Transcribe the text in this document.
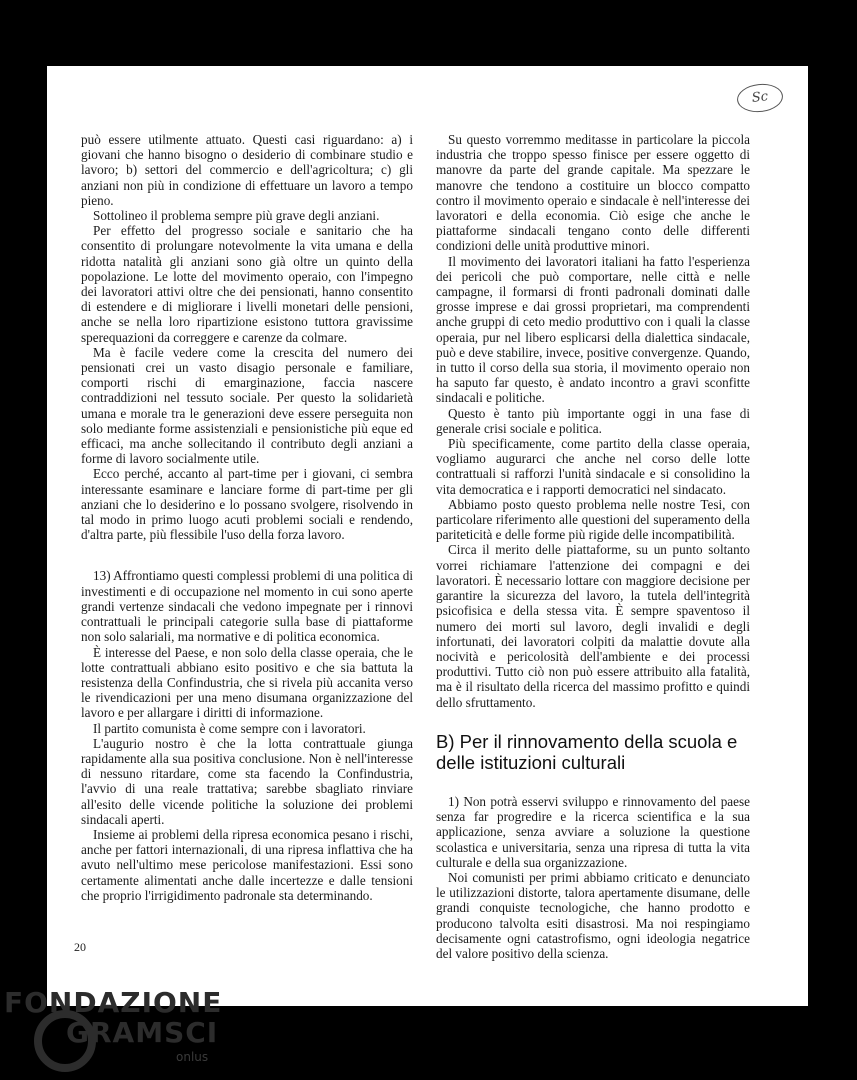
Sc

può essere utilmente attuato. Questi casi riguardano: a) i giovani che hanno bisogno o desiderio di combinare studio e lavoro; b) settori del commercio e dell'agricoltura; c) gli anziani non più in condizione di effettuare un lavoro a tempo pieno.

Sottolineo il problema sempre più grave degli anziani.

Per effetto del progresso sociale e sanitario che ha consentito di prolungare notevolmente la vita umana e della ridotta natalità gli anziani sono già oltre un quinto della popolazione. Le lotte del movimento operaio, con l'impegno dei lavoratori attivi oltre che dei pensionati, hanno consentito di estendere e di migliorare i livelli monetari delle pensioni, anche se nella loro ripartizione esistono tuttora gravissime sperequazioni da correggere e carenze da colmare.

Ma è facile vedere come la crescita del numero dei pensionati crei un vasto disagio personale e familiare, comporti rischi di emarginazione, faccia nascere contraddizioni nel tessuto sociale. Per questo la solidarietà umana e morale tra le generazioni deve essere perseguita non solo mediante forme assistenziali e pensionistiche più eque ed efficaci, ma anche sollecitando il contributo degli anziani a forme di lavoro socialmente utile.

Ecco perché, accanto al part-time per i giovani, ci sembra interessante esaminare e lanciare forme di part-time per gli anziani che lo desiderino e lo possano svolgere, risolvendo in tal modo in primo luogo acuti problemi sociali e rendendo, d'altra parte, più flessibile l'uso della forza lavoro.

13) Affrontiamo questi complessi problemi di una politica di investimenti e di occupazione nel momento in cui sono aperte grandi vertenze sindacali che vedono impegnate per i rinnovi contrattuali le principali categorie sulla base di piattaforme non solo salariali, ma normative e di politica economica.

È interesse del Paese, e non solo della classe operaia, che le lotte contrattuali abbiano esito positivo e che sia battuta la resistenza della Confindustria, che si rivela più accanita verso le rivendicazioni per una meno disumana organizzazione del lavoro e per allargare i diritti di informazione.

Il partito comunista è come sempre con i lavoratori.

L'augurio nostro è che la lotta contrattuale giunga rapidamente alla sua positiva conclusione. Non è nell'interesse di nessuno ritardare, come sta facendo la Confindustria, l'avvio di una reale trattativa; sarebbe sbagliato rinviare all'esito delle vicende politiche la soluzione dei problemi sindacali aperti.

Insieme ai problemi della ripresa economica pesano i rischi, anche per fattori internazionali, di una ripresa inflattiva che ha avuto nell'ultimo mese pericolose manifestazioni. Essi sono certamente alimentati anche dalle incertezze e dalle tensioni che proprio l'irrigidimento padronale sta determinando.

Su questo vorremmo meditasse in particolare la piccola industria che troppo spesso finisce per essere oggetto di manovre da parte del grande capitale. Ma spezzare le manovre che tendono a costituire un blocco compatto contro il movimento operaio e sindacale è nell'interesse dei lavoratori e della economia. Ciò esige che anche le piattaforme sindacali tengano conto delle differenti condizioni delle unità produttive minori.

Il movimento dei lavoratori italiani ha fatto l'esperienza dei pericoli che può comportare, nelle città e nelle campagne, il formarsi di fronti padronali dominati dalle grosse imprese e dai grossi proprietari, ma comprendenti anche gruppi di ceto medio produttivo con i quali la classe operaia, pur nel libero esplicarsi della dialettica sindacale, può e deve stabilire, invece, positive convergenze. Quando, in tutto il corso della sua storia, il movimento operaio non ha saputo far questo, è andato incontro a gravi sconfitte sindacali e politiche.

Questo è tanto più importante oggi in una fase di generale crisi sociale e politica.

Più specificamente, come partito della classe operaia, vogliamo augurarci che anche nel corso delle lotte contrattuali si rafforzi l'unità sindacale e si consolidino la vita democratica e i rapporti democratici nel sindacato.

Abbiamo posto questo problema nelle nostre Tesi, con particolare riferimento alle questioni del superamento della pariteticità e delle forme più rigide delle incompatibilità.

Circa il merito delle piattaforme, su un punto soltanto vorrei richiamare l'attenzione dei compagni e dei lavoratori. È necessario lottare con maggiore decisione per garantire la sicurezza del lavoro, la tutela dell'integrità psicofisica e della stessa vita. È sempre spaventoso il numero dei morti sul lavoro, degli invalidi e degli infortunati, dei lavoratori colpiti da malattie dovute alla nocività e pericolosità dell'ambiente e dei processi produttivi. Tutto ciò non può essere attribuito alla fatalità, ma è il risultato della ricerca del massimo profitto e quindi dello sfruttamento.

B) Per il rinnovamento della scuola e delle istituzioni culturali

1) Non potrà esservi sviluppo e rinnovamento del paese senza far progredire e la ricerca scientifica e la sua applicazione, senza avviare a soluzione la questione scolastica e universitaria, senza una ripresa di tutta la vita culturale e della sua organizzazione.

Noi comunisti per primi abbiamo criticato e denunciato le utilizzazioni distorte, talora apertamente disumane, delle grandi conquiste tecnologiche, che hanno prodotto e producono talvolta esiti disastrosi. Ma noi respingiamo decisamente ogni catastrofismo, ogni ideologia negatrice del valore positivo della scienza.

20
FONDAZIONE
GRAMSCI
onlus
